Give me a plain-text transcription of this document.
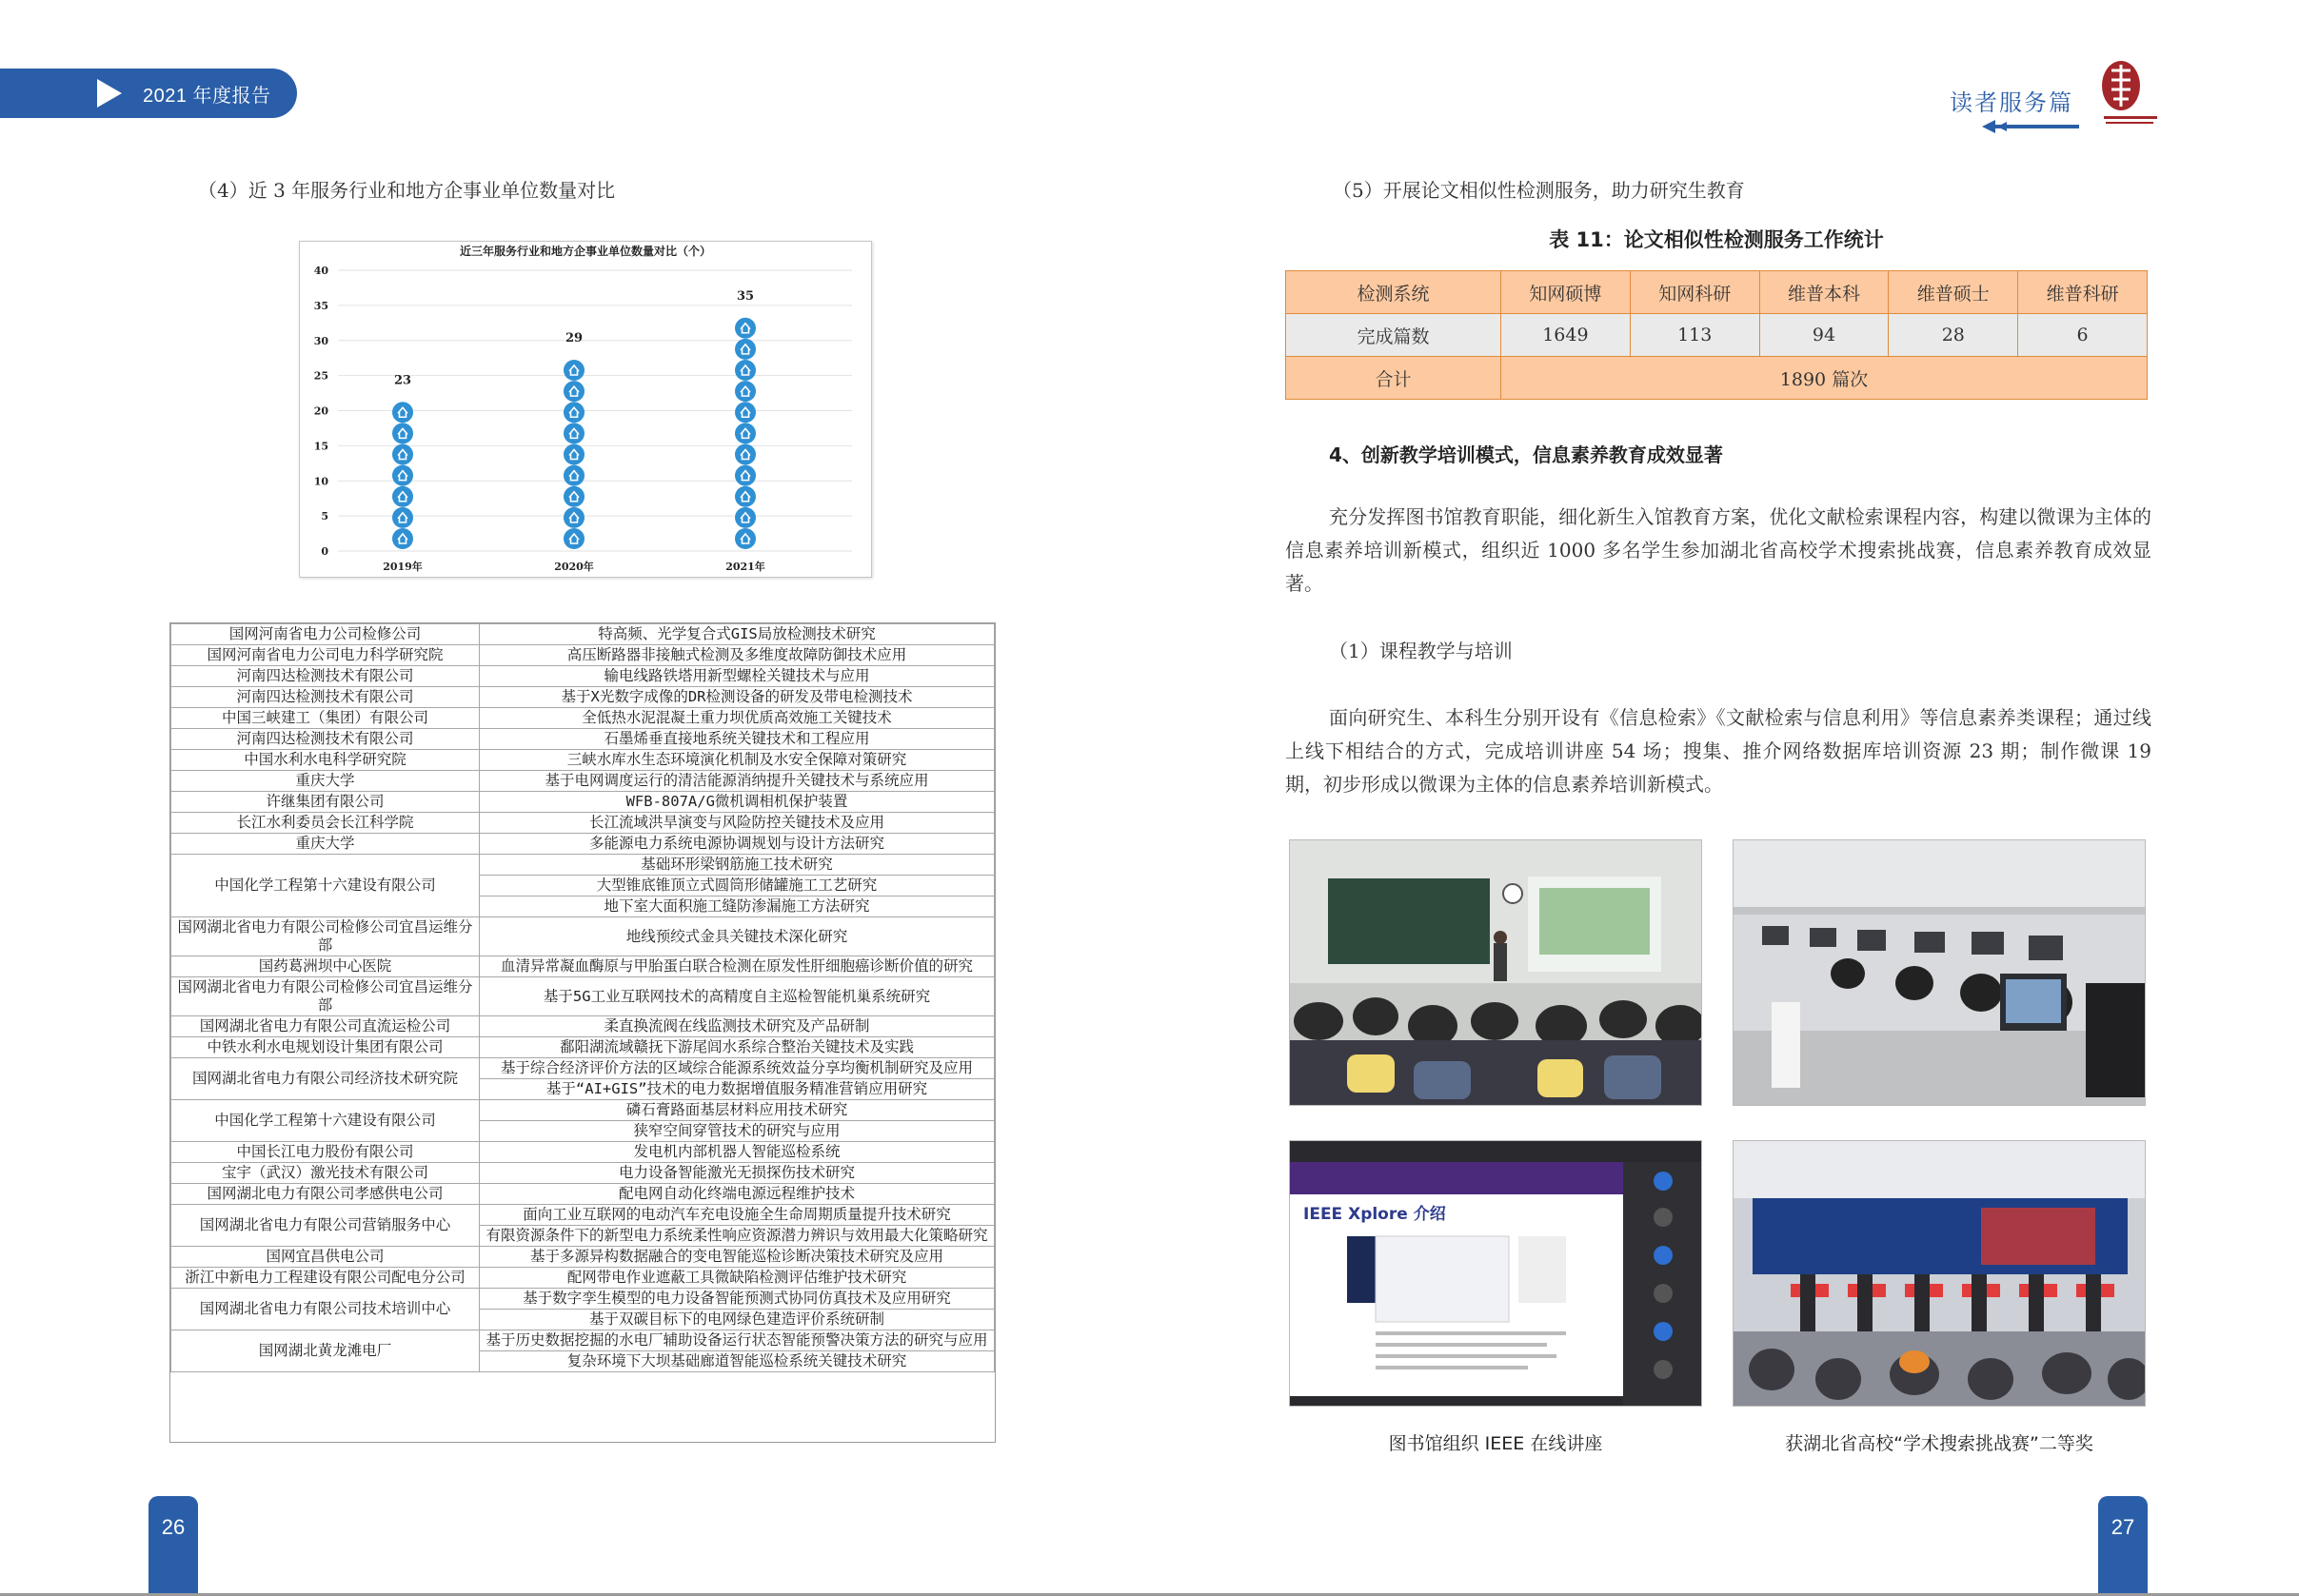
2021 年度报告	读者服务篇
（4）近 3 年服务行业和地方企事业单位数量对比
近三年服务行业和地方企事业单位数量对比（个）
0
5
10
15
20
25
30
35
40
23
2019年
29
2020年
35
2021年
国网河南省电力公司检修公司	特高频、光学复合式GIS局放检测技术研究
国网河南省电力公司电力科学研究院	高压断路器非接触式检测及多维度故障防御技术应用
河南四达检测技术有限公司	输电线路铁塔用新型螺栓关键技术与应用
河南四达检测技术有限公司	基于X光数字成像的DR检测设备的研发及带电检测技术
中国三峡建工（集团）有限公司	全低热水泥混凝土重力坝优质高效施工关键技术
河南四达检测技术有限公司	石墨烯垂直接地系统关键技术和工程应用
中国水利水电科学研究院	三峡水库水生态环境演化机制及水安全保障对策研究
重庆大学	基于电网调度运行的清洁能源消纳提升关键技术与系统应用
许继集团有限公司	WFB-807A/G微机调相机保护装置
长江水利委员会长江科学院	长江流域洪旱演变与风险防控关键技术及应用
重庆大学	多能源电力系统电源协调规划与设计方法研究
中国化学工程第十六建设有限公司	基础环形梁钢筋施工技术研究
	大型锥底锥顶立式圆筒形储罐施工工艺研究
	地下室大面积施工缝防渗漏施工方法研究
国网湖北省电力有限公司检修公司宜昌运维分部	地线预绞式金具关键技术深化研究
国药葛洲坝中心医院	血清异常凝血酶原与甲胎蛋白联合检测在原发性肝细胞癌诊断价值的研究
国网湖北省电力有限公司检修公司宜昌运维分部	基于5G工业互联网技术的高精度自主巡检智能机巢系统研究
国网湖北省电力有限公司直流运检公司	柔直换流阀在线监测技术研究及产品研制
中铁水利水电规划设计集团有限公司	鄱阳湖流域赣抚下游尾闾水系综合整治关键技术及实践
国网湖北省电力有限公司经济技术研究院	基于综合经济评价方法的区域综合能源系统效益分享均衡机制研究及应用
	基于“AI+GIS”技术的电力数据增值服务精准营销应用研究
中国化学工程第十六建设有限公司	磷石膏路面基层材料应用技术研究
	狭窄空间穿管技术的研究与应用
中国长江电力股份有限公司	发电机内部机器人智能巡检系统
宝宇（武汉）激光技术有限公司	电力设备智能激光无损探伤技术研究
国网湖北电力有限公司孝感供电公司	配电网自动化终端电源远程维护技术
国网湖北省电力有限公司营销服务中心	面向工业互联网的电动汽车充电设施全生命周期质量提升技术研究
	有限资源条件下的新型电力系统柔性响应资源潜力辨识与效用最大化策略研究
国网宜昌供电公司	基于多源异构数据融合的变电智能巡检诊断决策技术研究及应用
浙江中新电力工程建设有限公司配电分公司	配网带电作业遮蔽工具微缺陷检测评估维护技术研究
国网湖北省电力有限公司技术培训中心	基于数字孪生模型的电力设备智能预测式协同仿真技术及应用研究
	基于双碳目标下的电网绿色建造评价系统研制
国网湖北黄龙滩电厂	基于历史数据挖掘的水电厂辅助设备运行状态智能预警决策方法的研究与应用
	复杂环境下大坝基础廊道智能巡检系统关键技术研究
26
（5）开展论文相似性检测服务，助力研究生教育
表 11：论文相似性检测服务工作统计
检测系统	知网硕博	知网科研	维普本科	维普硕士	维普科研
完成篇数	1649	113	94	28	6
合计	1890 篇次				
4、创新教学培训模式，信息素养教育成效显著

充分发挥图书馆教育职能，细化新生入馆教育方案，优化文献检索课程内容，构建以微课为主体的信息素养培训新模式，组织近 1000 多名学生参加湖北省高校学术搜索挑战赛，信息素养教育成效显著。

（1）课程教学与培训

面向研究生、本科生分别开设有《信息检索》《文献检索与信息利用》等信息素养类课程；通过线上线下相结合的方式，完成培训讲座 54 场；搜集、推介网络数据库培训资源 23 期；制作微课 19 期，初步形成以微课为主体的信息素养培训新模式。

IEEE Xplore 介绍
图书馆组织 IEEE 在线讲座	获湖北省高校“学术搜索挑战赛”二等奖
27
